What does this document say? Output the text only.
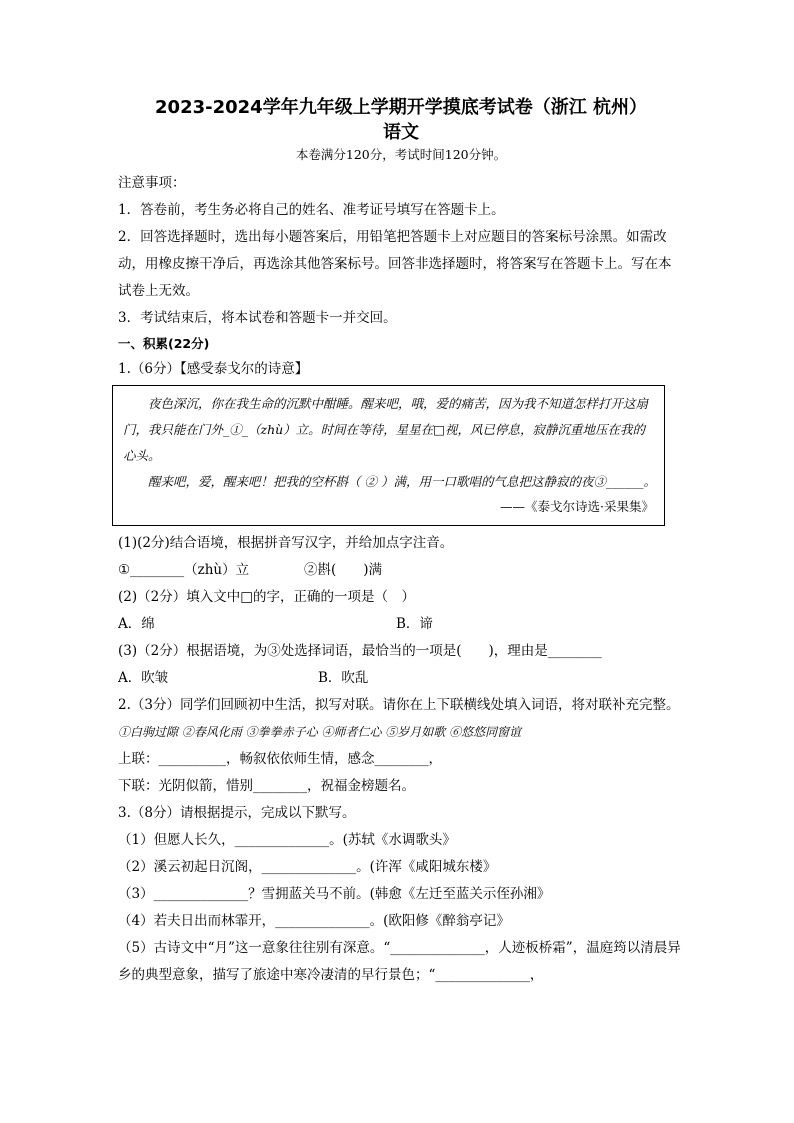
2023-2024学年九年级上学期开学摸底考试卷（浙江 杭州）
语文
本卷满分120分，考试时间120分钟。
注意事项：
1．答卷前，考生务必将自己的姓名、准考证号填写在答题卡上。
2．回答选择题时，选出每小题答案后，用铅笔把答题卡上对应题目的答案标号涂黑。如需改动，用橡皮擦干净后，再选涂其他答案标号。回答非选择题时，将答案写在答题卡上。写在本试卷上无效。
3．考试结束后，将本试卷和答题卡一并交回。
一、积累(22分)
1.（6分）【感受泰戈尔的诗意】
夜色深沉，你在我生命的沉默中酣睡。醒来吧，哦，爱的痛苦，因为我不知道怎样打开这扇门，我只能在门外_①_（zhù）立。时间在等待，星星在□视，风已停息，寂静沉重地压在我的心头。
醒来吧，爱，醒来吧！把我的空杯斟（ ② ）满，用一口歌唱的气息把这静寂的夜③______。
——《泰戈尔诗选·采果集》
(1)(2分)结合语境，根据拼音写汉字，并给加点字注音。
①________（zhù）立	②斟(　　)满
(2)（2分）填入文中□的字，正确的一项是（　）
A．绵	B．谛
(3)（2分）根据语境，为③处选择词语，最恰当的一项是(　　)，理由是________
A．吹皱	B．吹乱
2.（3分）同学们回顾初中生活，拟写对联。请你在上下联横线处填入词语，将对联补充完整。
①白驹过隙 ②春风化雨 ③拳拳赤子心 ④师者仁心 ⑤岁月如歌 ⑥悠悠同窗谊
上联：__________，畅叙依依师生情，感念________，
下联：光阴似箭，惜别________，祝福金榜题名。
3.（8分）请根据提示，完成以下默写。
（1）但愿人长久，______________。(苏轼《水调歌头》
（2）溪云初起日沉阁，______________。(许浑《咸阳城东楼》
（3）______________？雪拥蓝关马不前。(韩愈《左迁至蓝关示侄孙湘》
（4）若夫日出而林霏开，______________。(欧阳修《醉翁亭记》
（5）古诗文中“月”这一意象往往别有深意。“______________，人迹板桥霜”，温庭筠以清晨异乡的典型意象，描写了旅途中寒冷凄清的早行景色；“______________，
